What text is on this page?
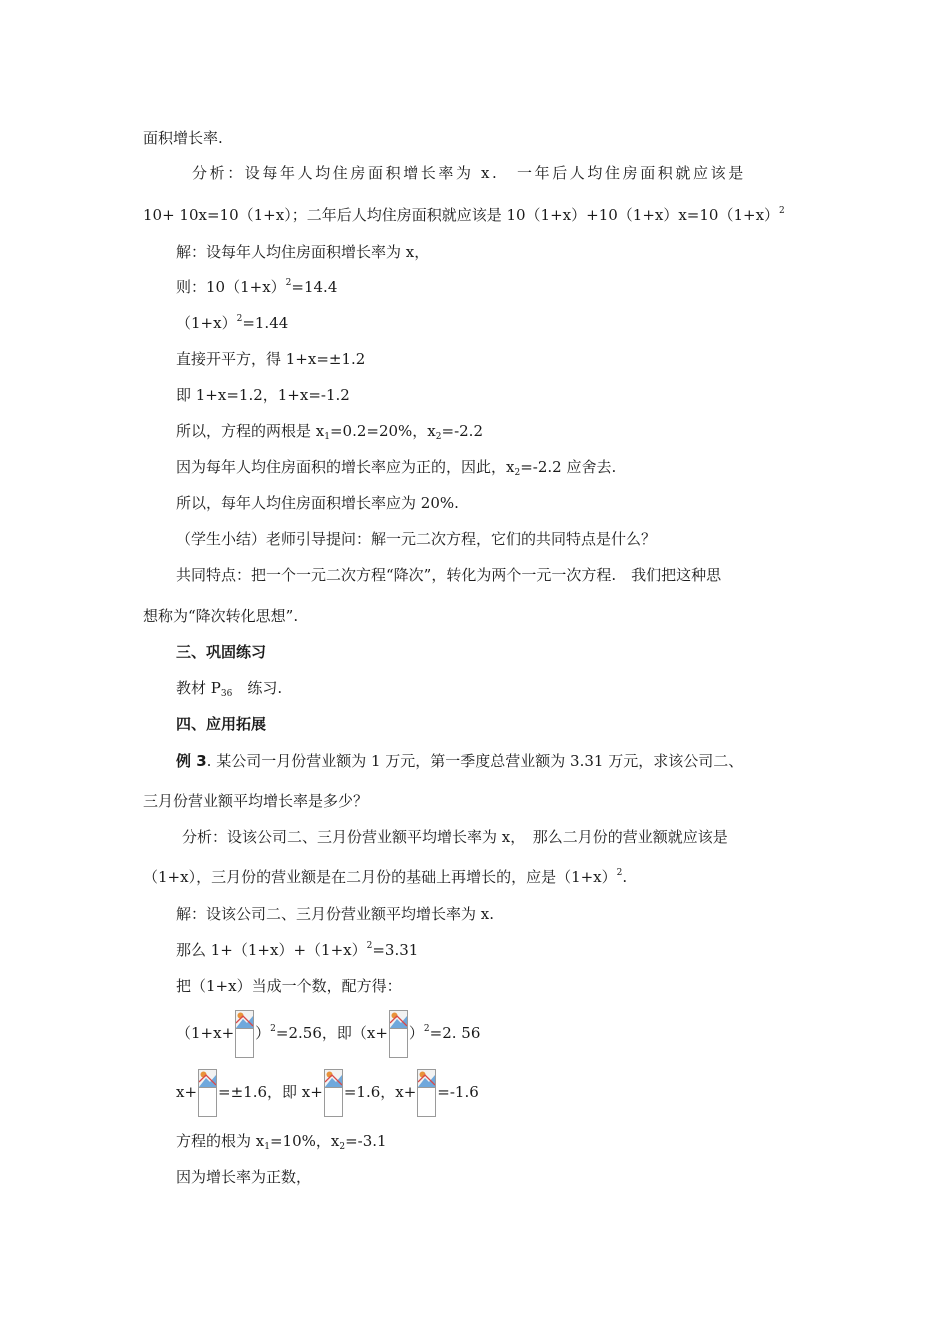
面积增长率.
分析：设每年人均住房面积增长率为 x.　一年后人均住房面积就应该是
10+ 10x=10（1+x）；二年后人均住房面积就应该是 $10(1+x)+10(1+x)x=10(1+x)^2$
解：设每年人均住房面积增长率为 x，
则：$10(1+x)^2=14.4$
$(1+x)^2=1.44$
直接开平方，得 1+x=±1.2
即 1+x=1.2，1+x=-1.2
所以，方程的两根是 $x_1=0.2=20\%$，$x_2=-2.2$
因为每年人均住房面积的增长率应为正的，因此，$x_2=-2.2$ 应舍去.
所以，每年人均住房面积增长率应为 20%.
（学生小结）老师引导提问：解一元二次方程，它们的共同特点是什么？
共同特点：把一个一元二次方程“降次”，转化为两个一元一次方程.　我们把这种思
想称为“降次转化思想”.
三、巩固练习
教材 $P_{36}$　练习.
四、应用拓展
例 3. 某公司一月份营业额为 1 万元，第一季度总营业额为 3.31 万元，求该公司二、
三月份营业额平均增长率是多少？
分析：设该公司二、三月份营业额平均增长率为 x，　那么二月份的营业额就应该是
（1+x），三月份的营业额是在二月份的基础上再增长的，应是$(1+x)^2$.
解：设该公司二、三月份营业额平均增长率为 x.
那么 $1+(1+x)+(1+x)^2=3.31$
把（1+x）当成一个数，配方得：
$(1+x+ )^2=2.56$，即$(x+ )^2=2$. 56
x+ =±1.6，即 x+ =1.6，x+ =-1.6
方程的根为 $x_1=10\%$，$x_2=-3.1$
因为增长率为正数，
